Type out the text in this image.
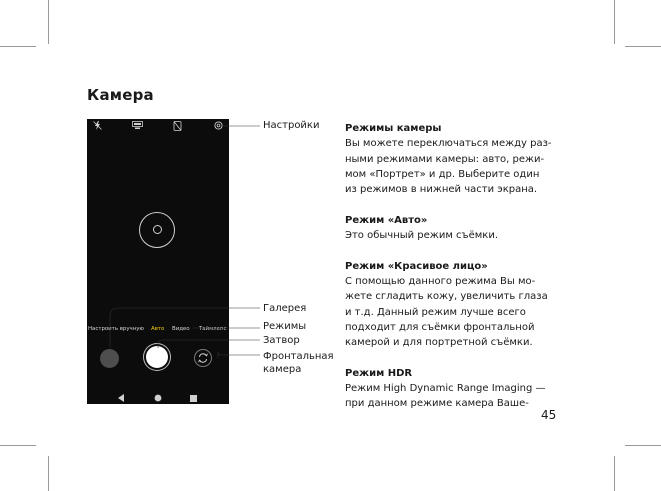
Камера
Настроить вручную Авто Видео Таймлепс
Настройки
Галерея
Режимы
Затвор
Фронтальная
камера
Режимы камеры

Вы можете переключаться между раз-

ными режимами камеры: авто, режи-

мом «Портрет» и др. Выберите один

из режимов в нижней части экрана.

Режим «Авто»

Это обычный режим съёмки.

Режим «Красивое лицо»

С помощью данного режима Вы мо-

жете сгладить кожу, увеличить глаза

и т.д. Данный режим лучше всего

подходит для съёмки фронтальной

камерой и для портретной съёмки.

Режим HDR

Режим High Dynamic Range Imaging —

при данном режиме камера Ваше-

45
